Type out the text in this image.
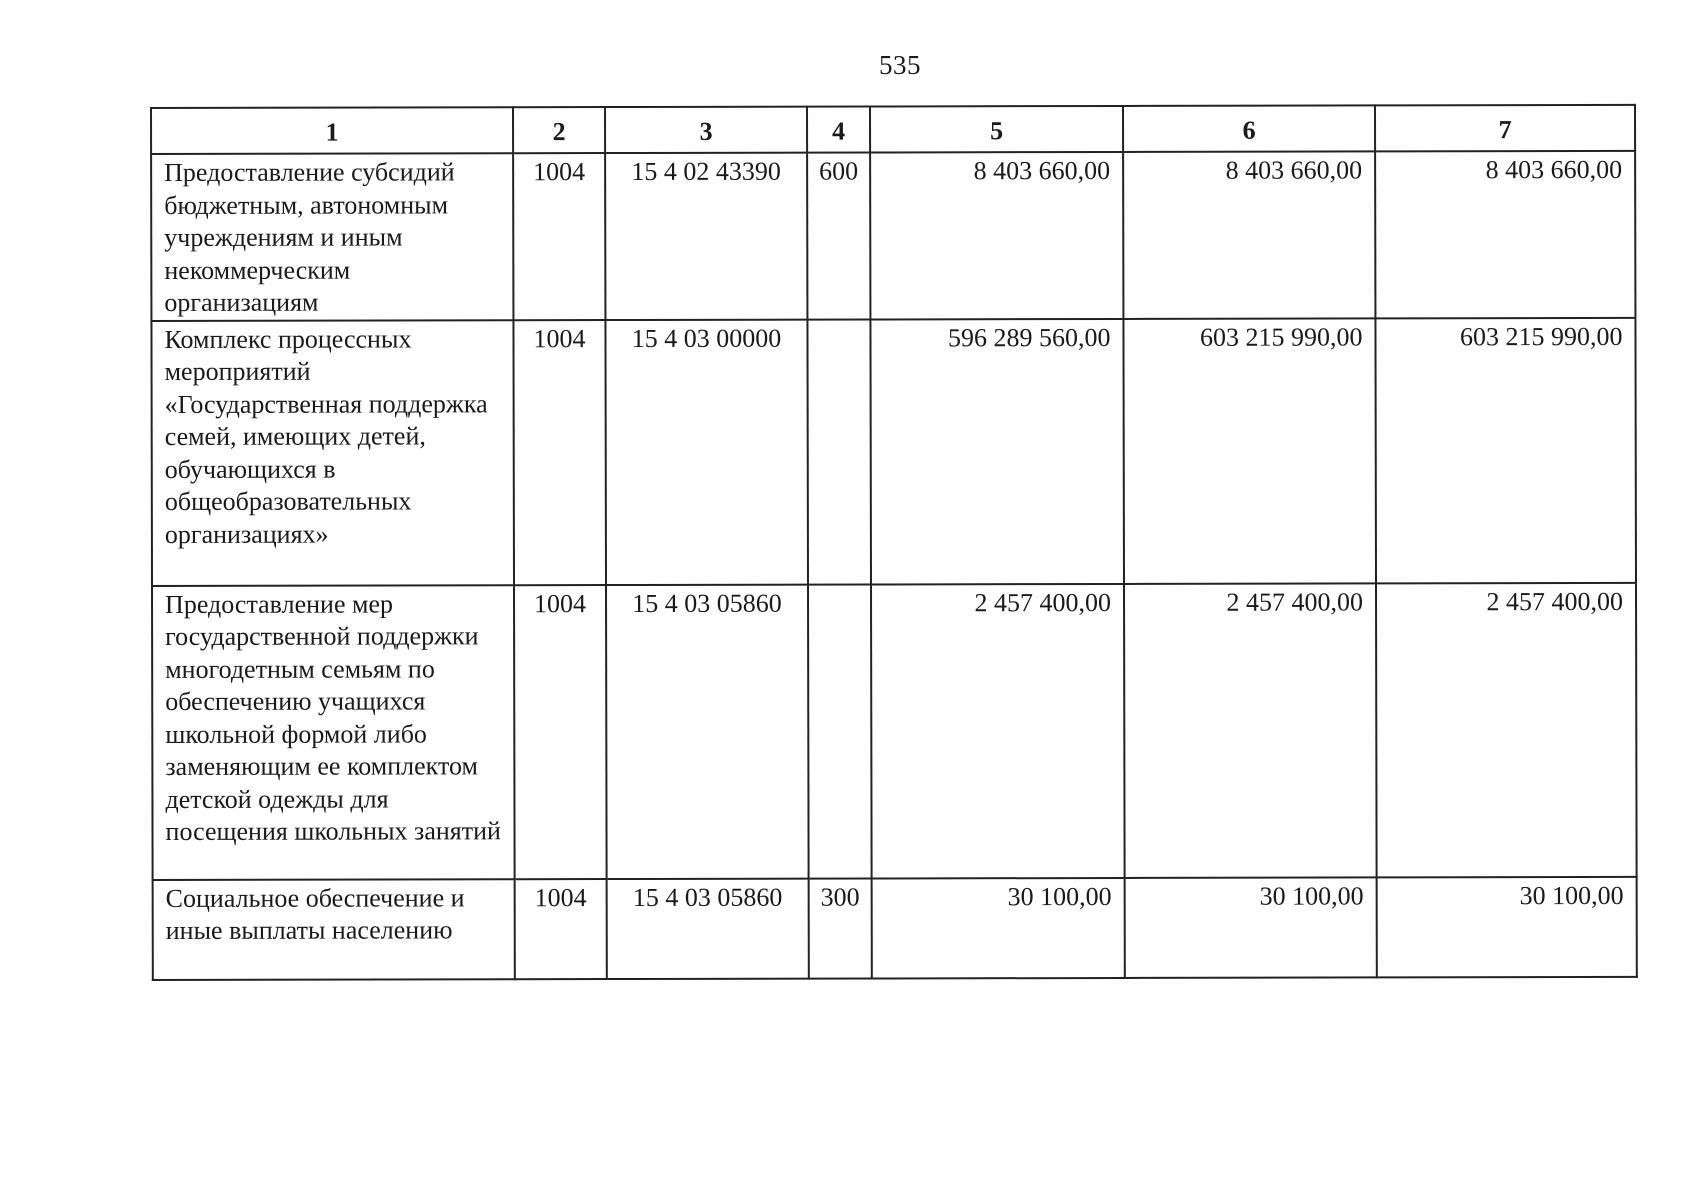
535
1	2	3	4	5	6	7
Предоставление субсидий бюджетным, автономным учреждениям и иным некоммерческим организациям	1004	15 4 02 43390	600	8 403 660,00	8 403 660,00	8 403 660,00
Комплекс процессных мероприятий «Государственная поддержка семей, имеющих детей, обучающихся в общеобразовательных организациях»	1004	15 4 03 00000		596 289 560,00	603 215 990,00	603 215 990,00
Предоставление мер государственной поддержки многодетным семьям по обеспечению учащихся школьной формой либо заменяющим ее комплектом детской одежды для посещения школьных занятий	1004	15 4 03 05860		2 457 400,00	2 457 400,00	2 457 400,00
Социальное обеспечение и иные выплаты населению	1004	15 4 03 05860	300	30 100,00	30 100,00	30 100,00
